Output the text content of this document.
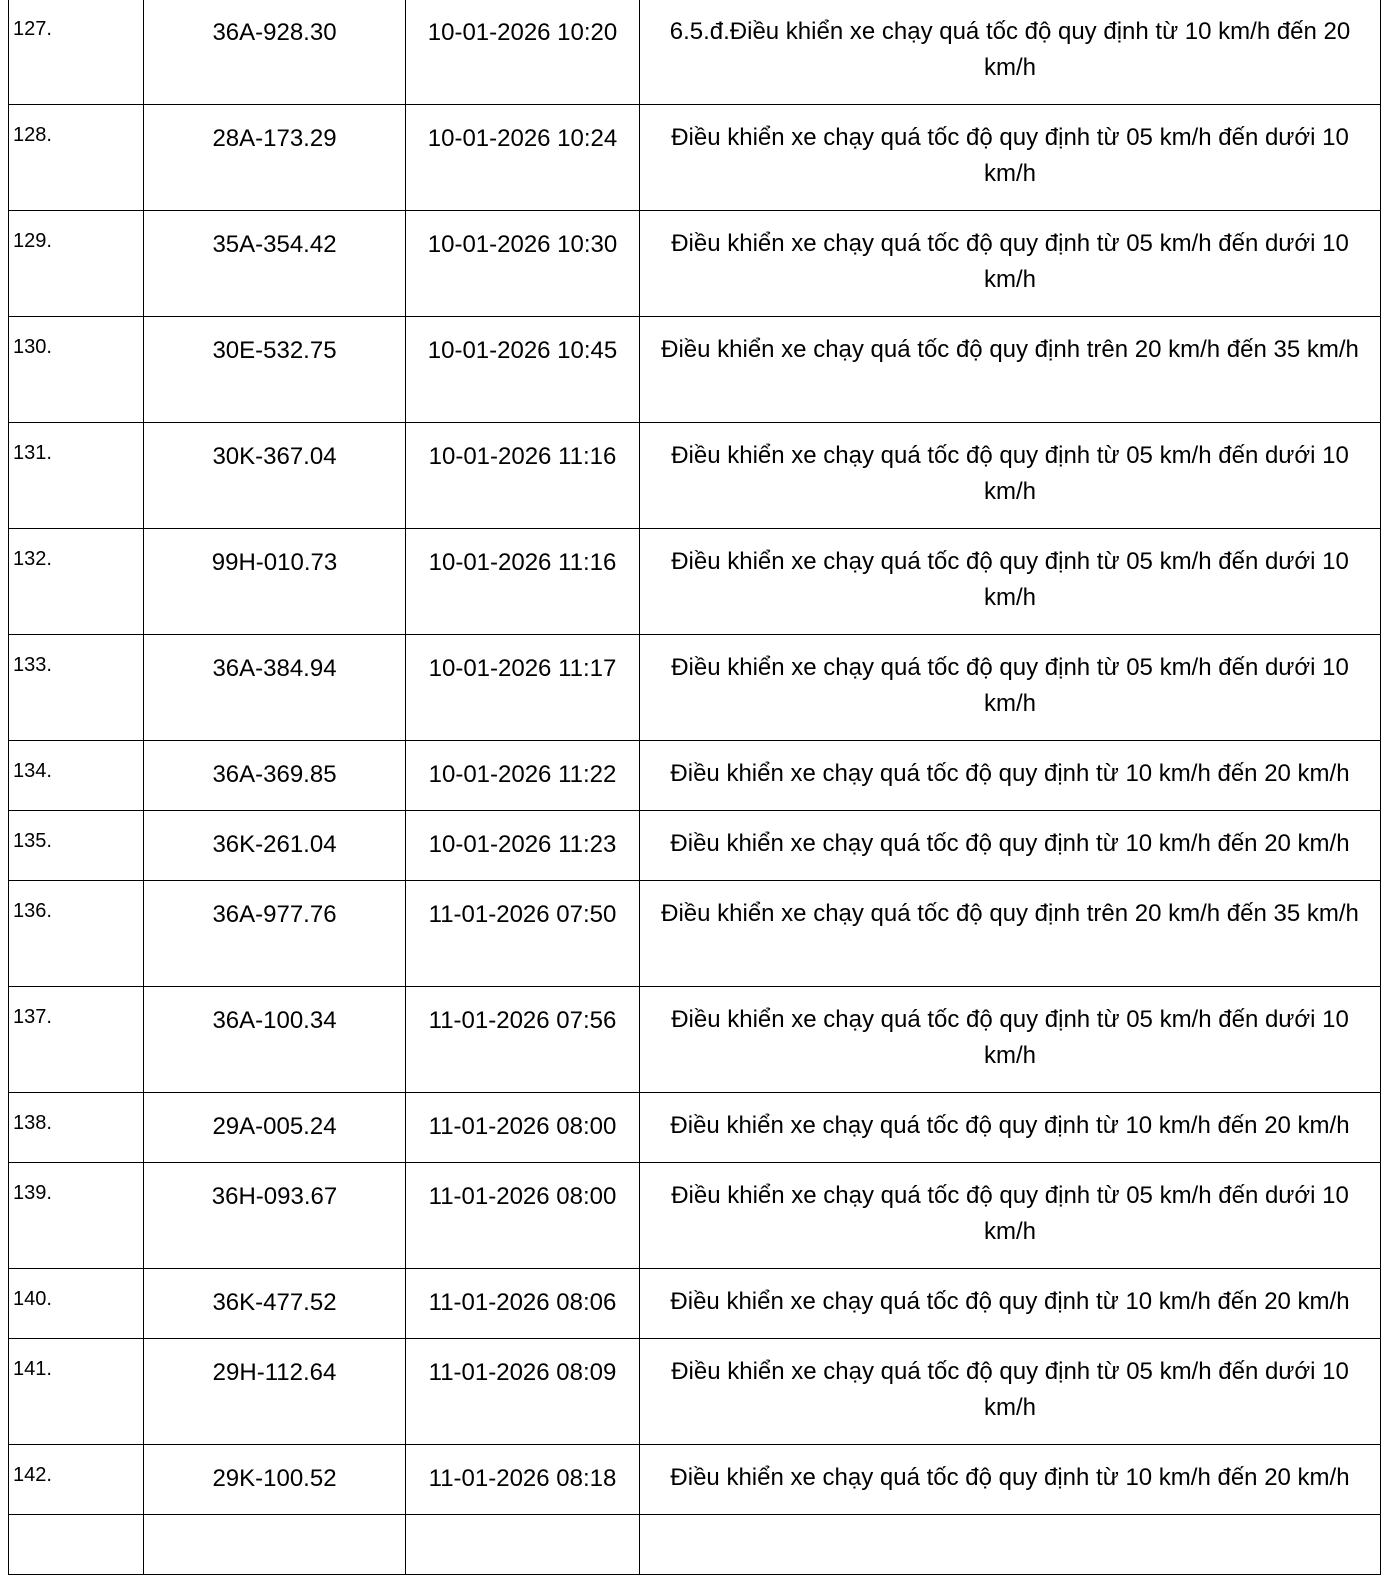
127.	36A-928.30	10-01-2026 10:20	6.5.đ.Điều khiển xe chạy quá tốc độ quy định từ 10 km/h đến 20 km/h
128.	28A-173.29	10-01-2026 10:24	Điều khiển xe chạy quá tốc độ quy định từ 05 km/h đến dưới 10 km/h
129.	35A-354.42	10-01-2026 10:30	Điều khiển xe chạy quá tốc độ quy định từ 05 km/h đến dưới 10 km/h
130.	30E-532.75	10-01-2026 10:45	Điều khiển xe chạy quá tốc độ quy định trên 20 km/h đến 35 km/h
131.	30K-367.04	10-01-2026 11:16	Điều khiển xe chạy quá tốc độ quy định từ 05 km/h đến dưới 10 km/h
132.	99H-010.73	10-01-2026 11:16	Điều khiển xe chạy quá tốc độ quy định từ 05 km/h đến dưới 10 km/h
133.	36A-384.94	10-01-2026 11:17	Điều khiển xe chạy quá tốc độ quy định từ 05 km/h đến dưới 10 km/h
134.	36A-369.85	10-01-2026 11:22	Điều khiển xe chạy quá tốc độ quy định từ 10 km/h đến 20 km/h
135.	36K-261.04	10-01-2026 11:23	Điều khiển xe chạy quá tốc độ quy định từ 10 km/h đến 20 km/h
136.	36A-977.76	11-01-2026 07:50	Điều khiển xe chạy quá tốc độ quy định trên 20 km/h đến 35 km/h
137.	36A-100.34	11-01-2026 07:56	Điều khiển xe chạy quá tốc độ quy định từ 05 km/h đến dưới 10 km/h
138.	29A-005.24	11-01-2026 08:00	Điều khiển xe chạy quá tốc độ quy định từ 10 km/h đến 20 km/h
139.	36H-093.67	11-01-2026 08:00	Điều khiển xe chạy quá tốc độ quy định từ 05 km/h đến dưới 10 km/h
140.	36K-477.52	11-01-2026 08:06	Điều khiển xe chạy quá tốc độ quy định từ 10 km/h đến 20 km/h
141.	29H-112.64	11-01-2026 08:09	Điều khiển xe chạy quá tốc độ quy định từ 05 km/h đến dưới 10 km/h
142.	29K-100.52	11-01-2026 08:18	Điều khiển xe chạy quá tốc độ quy định từ 10 km/h đến 20 km/h
